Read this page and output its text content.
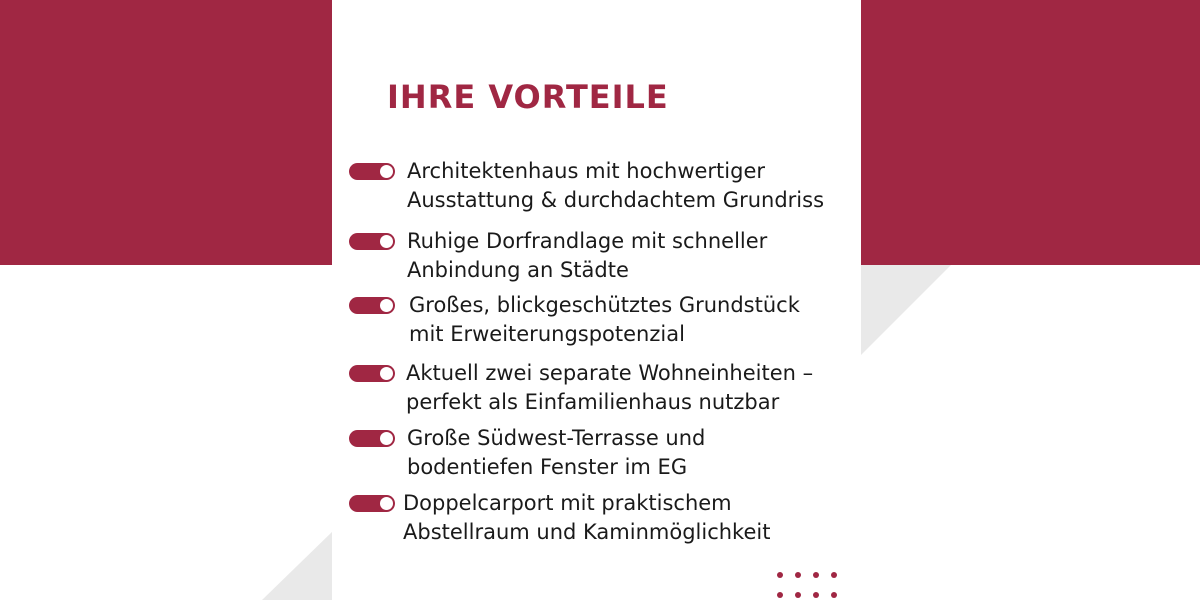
IHRE VORTEILE
Architektenhaus mit hochwertiger
Ausstattung & durchdachtem Grundriss
Ruhige Dorfrandlage mit schneller
Anbindung an Städte
Großes, blickgeschütztes Grundstück
mit Erweiterungspotenzial
Aktuell zwei separate Wohneinheiten –
perfekt als Einfamilienhaus nutzbar
Große Südwest-Terrasse und
bodentiefen Fenster im EG
Doppelcarport mit praktischem
Abstellraum und Kaminmöglichkeit
